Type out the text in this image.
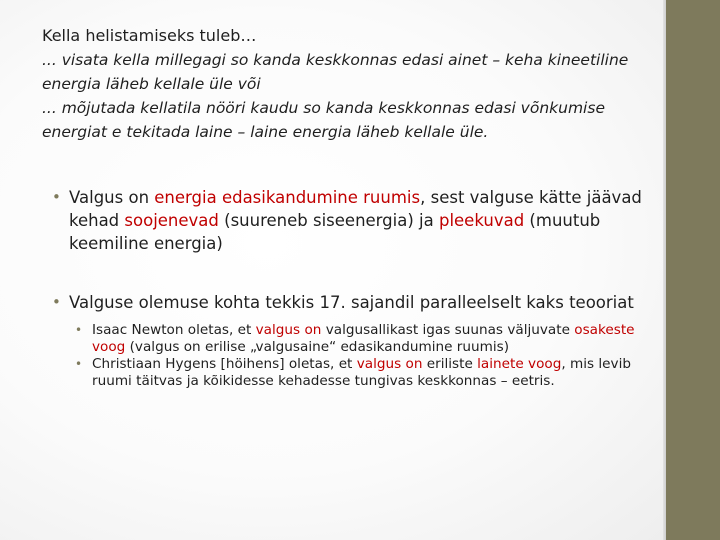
Kella helistamiseks tuleb…

... visata kella millegagi so kanda keskkonnas edasi ainet – keha kineetiline energia läheb kellale üle või

... mõjutada kellatila nööri kaudu so kanda keskkonnas edasi võnkumise energiat e tekitada laine – laine energia läheb kellale üle.

• Valgus on energia edasikandumine ruumis, sest valguse kätte jäävad kehad soojenevad (suureneb siseenergia) ja pleekuvad (muutub keemiline energia)
• Valguse olemuse kohta tekkis 17. sajandil paralleelselt kaks teooriat
• Isaac Newton oletas, et valgus on valgusallikast igas suunas väljuvate osakeste voog (valgus on erilise „valgusaine“ edasikandumine ruumis)
• Christiaan Hygens [höihens] oletas, et valgus on eriliste lainete voog, mis levib ruumi täitvas ja kõikidesse kehadesse tungivas keskkonnas – eetris.
